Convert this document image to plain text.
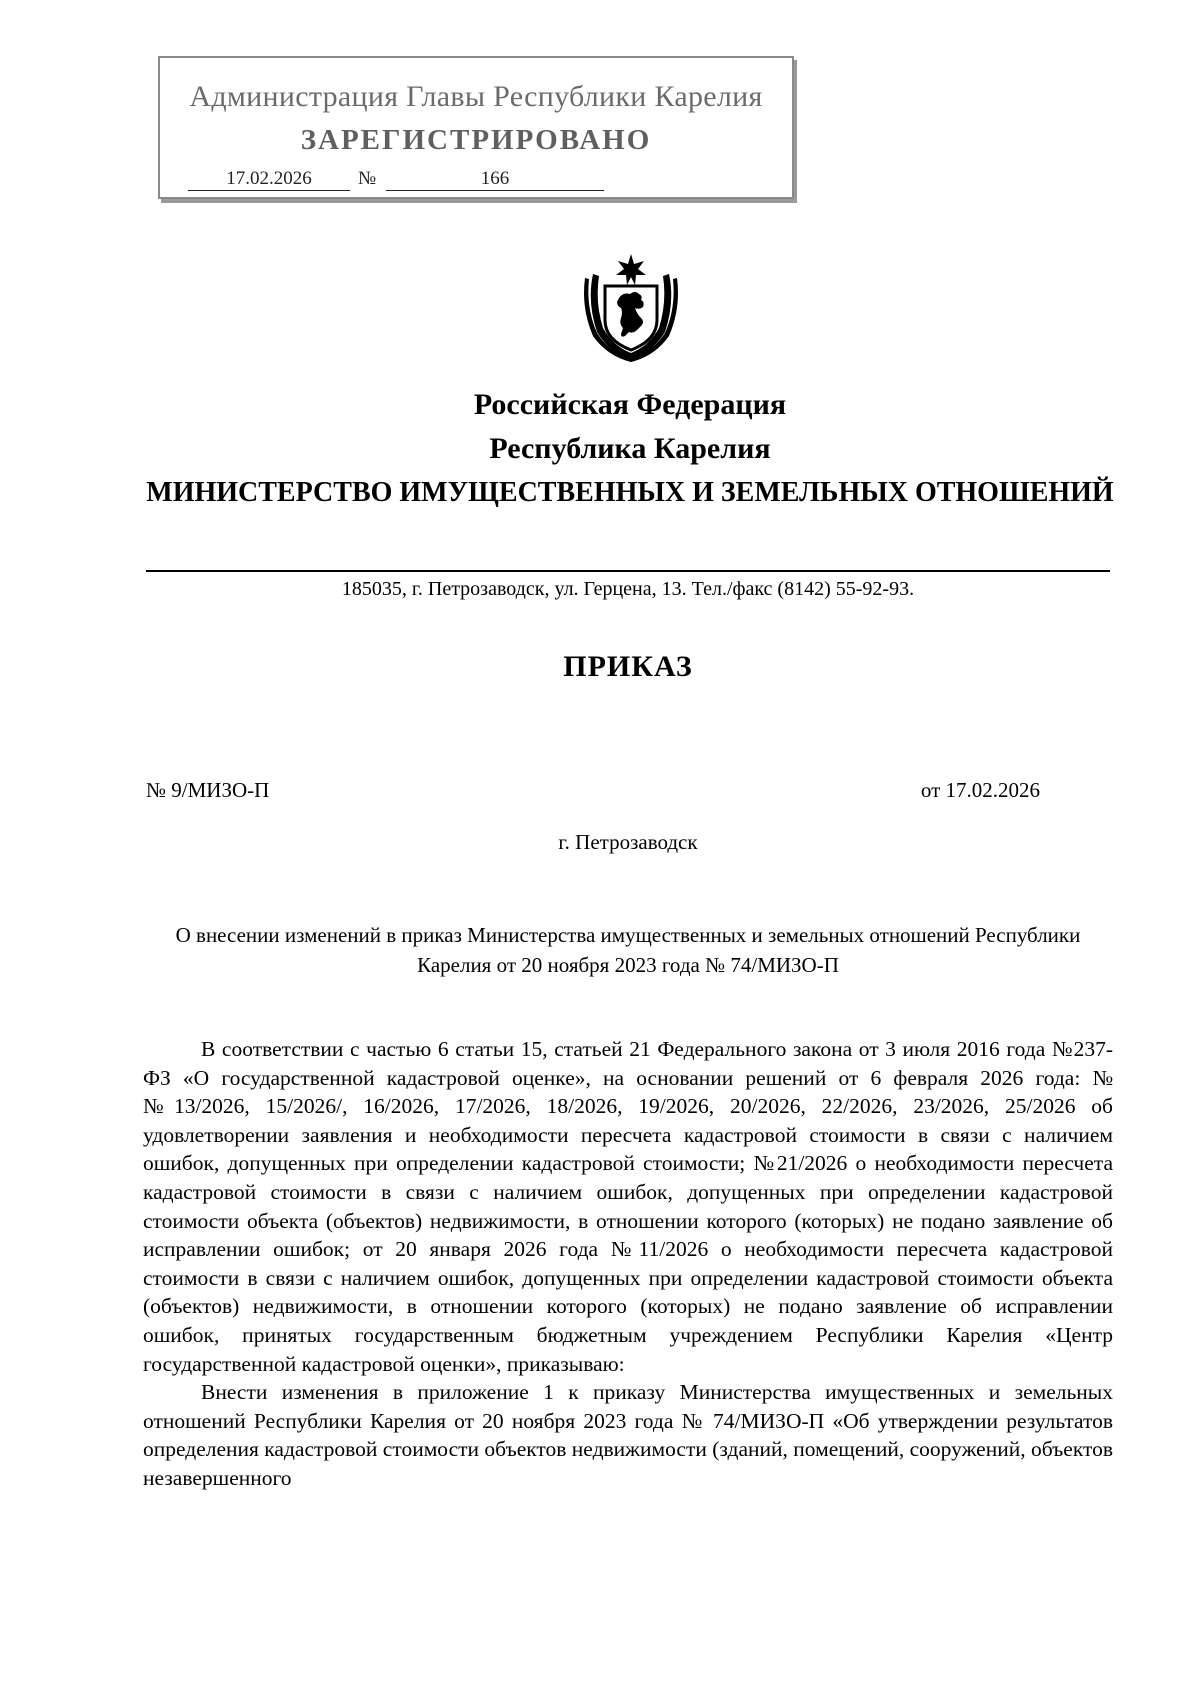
Администрация Главы Республики Карелия
ЗАРЕГИСТРИРОВАНО
17.02.2026	№	166
Российская Федерация
Республика Карелия
МИНИСТЕРСТВО ИМУЩЕСТВЕННЫХ И ЗЕМЕЛЬНЫХ ОТНОШЕНИЙ
185035, г. Петрозаводск, ул. Герцена, 13. Тел./факс (8142) 55-92-93.
ПРИКАЗ
№ 9/МИЗО-П	от 17.02.2026
г. Петрозаводск
О внесении изменений в приказ Министерства имущественных и земельных отношений Республики Карелия от 20 ноября 2023 года № 74/МИЗО-П

В соответствии с частью 6 статьи 15, статьей 21 Федерального закона от 3 июля 2016 года №237-ФЗ «О государственной кадастровой оценке», на основании решений от 6 февраля 2026 года: №№13/2026, 15/2026/, 16/2026, 17/2026, 18/2026, 19/2026, 20/2026, 22/2026, 23/2026, 25/2026 об удовлетворении заявления и необходимости пересчета кадастровой стоимости в связи с наличием ошибок, допущенных при определении кадастровой стоимости; №21/2026 о необходимости пересчета кадастровой стоимости в связи с наличием ошибок, допущенных при определении кадастровой стоимости объекта (объектов) недвижимости, в отношении которого (которых) не подано заявление об исправлении ошибок; от 20 января 2026 года №11/2026 о необходимости пересчета кадастровой стоимости в связи с наличием ошибок, допущенных при определении кадастровой стоимости объекта (объектов) недвижимости, в отношении которого (которых) не подано заявление об исправлении ошибок, принятых государственным бюджетным учреждением Республики Карелия «Центр государственной кадастровой оценки», приказываю:

Внести изменения в приложение 1 к приказу Министерства имущественных и земельных отношений Республики Карелия от 20 ноября 2023 года № 74/МИЗО-П «Об утверждении результатов определения кадастровой стоимости объектов недвижимости (зданий, помещений, сооружений, объектов незавершенного
